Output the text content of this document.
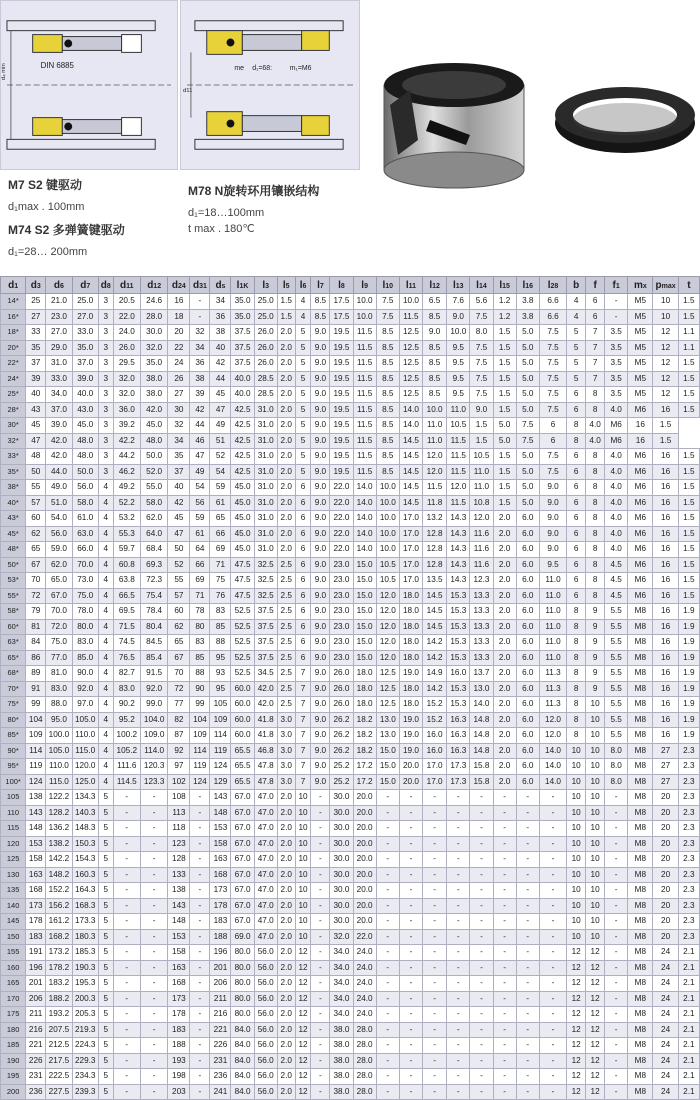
DIN 6885
d₄ min	me d₁=68:	m₁=M6
d11
M7 S2 键驱动
d₁max . 100mm
M74 S2 多弹簧键驱动
d₁=28… 200mm
M78 N旋转环用镶嵌结构
d₁=18…100mm
t max . 180℃
d1	d3	d6	d7	d8	d11	d12	d24	d31	ds	l1K	l3	l5	l6	l7	l8	l9	l10	l11	l12	l13	l14	l15	l16	l28	b	f	f1	mx	pmax	t
14*	25	21.0	25.0	3	20.5	24.6	16	-	34	35.0	25.0	1.5	4	8.5	17.5	10.0	7.5	10.0	6.5	7.6	5.6	1.2	3.8	6.6	4	6	-	M5	10	1.5
16*	27	23.0	27.0	3	22.0	28.0	18	-	36	35.0	25.0	1.5	4	8.5	17.5	10.0	7.5	11.5	8.5	9.0	7.5	1.2	3.8	6.6	4	6	-	M5	10	1.5
18*	33	27.0	33.0	3	24.0	30.0	20	32	38	37.5	26.0	2.0	5	9.0	19.5	11.5	8.5	12.5	9.0	10.0	8.0	1.5	5.0	7.5	5	7	3.5	M5	12	1.1
20*	35	29.0	35.0	3	26.0	32.0	22	34	40	37.5	26.0	2.0	5	9.0	19.5	11.5	8.5	12.5	8.5	9.5	7.5	1.5	5.0	7.5	5	7	3.5	M5	12	1.1
22*	37	31.0	37.0	3	29.5	35.0	24	36	42	37.5	26.0	2.0	5	9.0	19.5	11.5	8.5	12.5	8.5	9.5	7.5	1.5	5.0	7.5	5	7	3.5	M5	12	1.5
24*	39	33.0	39.0	3	32.0	38.0	26	38	44	40.0	28.5	2.0	5	9.0	19.5	11.5	8.5	12.5	8.5	9.5	7.5	1.5	5.0	7.5	5	7	3.5	M5	12	1.5
25*	40	34.0	40.0	3	32.0	38.0	27	39	45	40.0	28.5	2.0	5	9.0	19.5	11.5	8.5	12.5	8.5	9.5	7.5	1.5	5.0	7.5	6	8	3.5	M5	12	1.5
28*	43	37.0	43.0	3	36.0	42.0	30	42	47	42.5	31.0	2.0	5	9.0	19.5	11.5	8.5	14.0	10.0	11.0	9.0	1.5	5.0	7.5	6	8	4.0	M6	16	1.5
30*	45	39.0	45.0	3	39.2	45.0	32	44	49	42.5	31.0	2.0	5	9.0	19.5	11.5	8.5	14.0	11.0	10.5	1.5	5.0	7.5	6	8	4.0	M6	16	1.5	
32*	47	42.0	48.0	3	42.2	48.0	34	46	51	42.5	31.0	2.0	5	9.0	19.5	11.5	8.5	14.5	11.0	11.5	1.5	5.0	7.5	6	8	4.0	M6	16	1.5	
33*	48	42.0	48.0	3	44.2	50.0	35	47	52	42.5	31.0	2.0	5	9.0	19.5	11.5	8.5	14.5	12.0	11.5	10.5	1.5	5.0	7.5	6	8	4.0	M6	16	1.5
35*	50	44.0	50.0	3	46.2	52.0	37	49	54	42.5	31.0	2.0	5	9.0	19.5	11.5	8.5	14.5	12.0	11.5	11.0	1.5	5.0	7.5	6	8	4.0	M6	16	1.5
38*	55	49.0	56.0	4	49.2	55.0	40	54	59	45.0	31.0	2.0	6	9.0	22.0	14.0	10.0	14.5	11.5	12.0	11.0	1.5	5.0	9.0	6	8	4.0	M6	16	1.5
40*	57	51.0	58.0	4	52.2	58.0	42	56	61	45.0	31.0	2.0	6	9.0	22.0	14.0	10.0	14.5	11.8	11.5	10.8	1.5	5.0	9.0	6	8	4.0	M6	16	1.5
43*	60	54.0	61.0	4	53.2	62.0	45	59	65	45.0	31.0	2.0	6	9.0	22.0	14.0	10.0	17.0	13.2	14.3	12.0	2.0	6.0	9.0	6	8	4.0	M6	16	1.5
45*	62	56.0	63.0	4	55.3	64.0	47	61	66	45.0	31.0	2.0	6	9.0	22.0	14.0	10.0	17.0	12.8	14.3	11.6	2.0	6.0	9.0	6	8	4.0	M6	16	1.5
48*	65	59.0	66.0	4	59.7	68.4	50	64	69	45.0	31.0	2.0	6	9.0	22.0	14.0	10.0	17.0	12.8	14.3	11.6	2.0	6.0	9.0	6	8	4.0	M6	16	1.5
50*	67	62.0	70.0	4	60.8	69.3	52	66	71	47.5	32.5	2.5	6	9.0	23.0	15.0	10.5	17.0	12.8	14.3	11.6	2.0	6.0	9.5	6	8	4.5	M6	16	1.5
53*	70	65.0	73.0	4	63.8	72.3	55	69	75	47.5	32.5	2.5	6	9.0	23.0	15.0	10.5	17.0	13.5	14.3	12.3	2.0	6.0	11.0	6	8	4.5	M6	16	1.5
55*	72	67.0	75.0	4	66.5	75.4	57	71	76	47.5	32.5	2.5	6	9.0	23.0	15.0	12.0	18.0	14.5	15.3	13.3	2.0	6.0	11.0	6	8	4.5	M6	16	1.5
58*	79	70.0	78.0	4	69.5	78.4	60	78	83	52.5	37.5	2.5	6	9.0	23.0	15.0	12.0	18.0	14.5	15.3	13.3	2.0	6.0	11.0	8	9	5.5	M8	16	1.9
60*	81	72.0	80.0	4	71.5	80.4	62	80	85	52.5	37.5	2.5	6	9.0	23.0	15.0	12.0	18.0	14.5	15.3	13.3	2.0	6.0	11.0	8	9	5.5	M8	16	1.9
63*	84	75.0	83.0	4	74.5	84.5	65	83	88	52.5	37.5	2.5	6	9.0	23.0	15.0	12.0	18.0	14.2	15.3	13.3	2.0	6.0	11.0	8	9	5.5	M8	16	1.9
65*	86	77.0	85.0	4	76.5	85.4	67	85	95	52.5	37.5	2.5	6	9.0	23.0	15.0	12.0	18.0	14.2	15.3	13.3	2.0	6.0	11.0	8	9	5.5	M8	16	1.9
68*	89	81.0	90.0	4	82.7	91.5	70	88	93	52.5	34.5	2.5	7	9.0	26.0	18.0	12.5	19.0	14.9	16.0	13.7	2.0	6.0	11.3	8	9	5.5	M8	16	1.9
70*	91	83.0	92.0	4	83.0	92.0	72	90	95	60.0	42.0	2.5	7	9.0	26.0	18.0	12.5	18.0	14.2	15.3	13.0	2.0	6.0	11.3	8	9	5.5	M8	16	1.9
75*	99	88.0	97.0	4	90.2	99.0	77	99	105	60.0	42.0	2.5	7	9.0	26.0	18.0	12.5	18.0	15.2	15.3	14.0	2.0	6.0	11.3	8	10	5.5	M8	16	1.9
80*	104	95.0	105.0	4	95.2	104.0	82	104	109	60.0	41.8	3.0	7	9.0	26.2	18.2	13.0	19.0	15.2	16.3	14.8	2.0	6.0	12.0	8	10	5.5	M8	16	1.9
85*	109	100.0	110.0	4	100.2	109.0	87	109	114	60.0	41.8	3.0	7	9.0	26.2	18.2	13.0	19.0	16.0	16.3	14.8	2.0	6.0	12.0	8	10	5.5	M8	16	1.9
90*	114	105.0	115.0	4	105.2	114.0	92	114	119	65.5	46.8	3.0	7	9.0	26.2	18.2	15.0	19.0	16.0	16.3	14.8	2.0	6.0	14.0	10	10	8.0	M8	27	2.3
95*	119	110.0	120.0	4	111.6	120.3	97	119	124	65.5	47.8	3.0	7	9.0	25.2	17.2	15.0	20.0	17.0	17.3	15.8	2.0	6.0	14.0	10	10	8.0	M8	27	2.3
100*	124	115.0	125.0	4	114.5	123.3	102	124	129	65.5	47.8	3.0	7	9.0	25.2	17.2	15.0	20.0	17.0	17.3	15.8	2.0	6.0	14.0	10	10	8.0	M8	27	2.3
105	138	122.2	134.3	5	-	-	108	-	143	67.0	47.0	2.0	10	-	30.0	20.0	-	-	-	-	-	-	-	-	10	10	-	M8	20	2.3
110	143	128.2	140.3	5	-	-	113	-	148	67.0	47.0	2.0	10	-	30.0	20.0	-	-	-	-	-	-	-	-	10	10	-	M8	20	2.3
115	148	136.2	148.3	5	-	-	118	-	153	67.0	47.0	2.0	10	-	30.0	20.0	-	-	-	-	-	-	-	-	10	10	-	M8	20	2.3
120	153	138.2	150.3	5	-	-	123	-	158	67.0	47.0	2.0	10	-	30.0	20.0	-	-	-	-	-	-	-	-	10	10	-	M8	20	2.3
125	158	142.2	154.3	5	-	-	128	-	163	67.0	47.0	2.0	10	-	30.0	20.0	-	-	-	-	-	-	-	-	10	10	-	M8	20	2.3
130	163	148.2	160.3	5	-	-	133	-	168	67.0	47.0	2.0	10	-	30.0	20.0	-	-	-	-	-	-	-	-	10	10	-	M8	20	2.3
135	168	152.2	164.3	5	-	-	138	-	173	67.0	47.0	2.0	10	-	30.0	20.0	-	-	-	-	-	-	-	-	10	10	-	M8	20	2.3
140	173	156.2	168.3	5	-	-	143	-	178	67.0	47.0	2.0	10	-	30.0	20.0	-	-	-	-	-	-	-	-	10	10	-	M8	20	2.3
145	178	161.2	173.3	5	-	-	148	-	183	67.0	47.0	2.0	10	-	30.0	20.0	-	-	-	-	-	-	-	-	10	10	-	M8	20	2.3
150	183	168.2	180.3	5	-	-	153	-	188	69.0	47.0	2.0	10	-	32.0	22.0	-	-	-	-	-	-	-	-	10	10	-	M8	20	2.3
155	191	173.2	185.3	5	-	-	158	-	196	80.0	56.0	2.0	12	-	34.0	24.0	-	-	-	-	-	-	-	-	12	12	-	M8	24	2.1
160	196	178.2	190.3	5	-	-	163	-	201	80.0	56.0	2.0	12	-	34.0	24.0	-	-	-	-	-	-	-	-	12	12	-	M8	24	2.1
165	201	183.2	195.3	5	-	-	168	-	206	80.0	56.0	2.0	12	-	34.0	24.0	-	-	-	-	-	-	-	-	12	12	-	M8	24	2.1
170	206	188.2	200.3	5	-	-	173	-	211	80.0	56.0	2.0	12	-	34.0	24.0	-	-	-	-	-	-	-	-	12	12	-	M8	24	2.1
175	211	193.2	205.3	5	-	-	178	-	216	80.0	56.0	2.0	12	-	34.0	24.0	-	-	-	-	-	-	-	-	12	12	-	M8	24	2.1
180	216	207.5	219.3	5	-	-	183	-	221	84.0	56.0	2.0	12	-	38.0	28.0	-	-	-	-	-	-	-	-	12	12	-	M8	24	2.1
185	221	212.5	224.3	5	-	-	188	-	226	84.0	56.0	2.0	12	-	38.0	28.0	-	-	-	-	-	-	-	-	12	12	-	M8	24	2.1
190	226	217.5	229.3	5	-	-	193	-	231	84.0	56.0	2.0	12	-	38.0	28.0	-	-	-	-	-	-	-	-	12	12	-	M8	24	2.1
195	231	222.5	234.3	5	-	-	198	-	236	84.0	56.0	2.0	12	-	38.0	28.0	-	-	-	-	-	-	-	-	12	12	-	M8	24	2.1
200	236	227.5	239.3	5	-	-	203	-	241	84.0	56.0	2.0	12	-	38.0	28.0	-	-	-	-	-	-	-	-	12	12	-	M8	24	2.1
